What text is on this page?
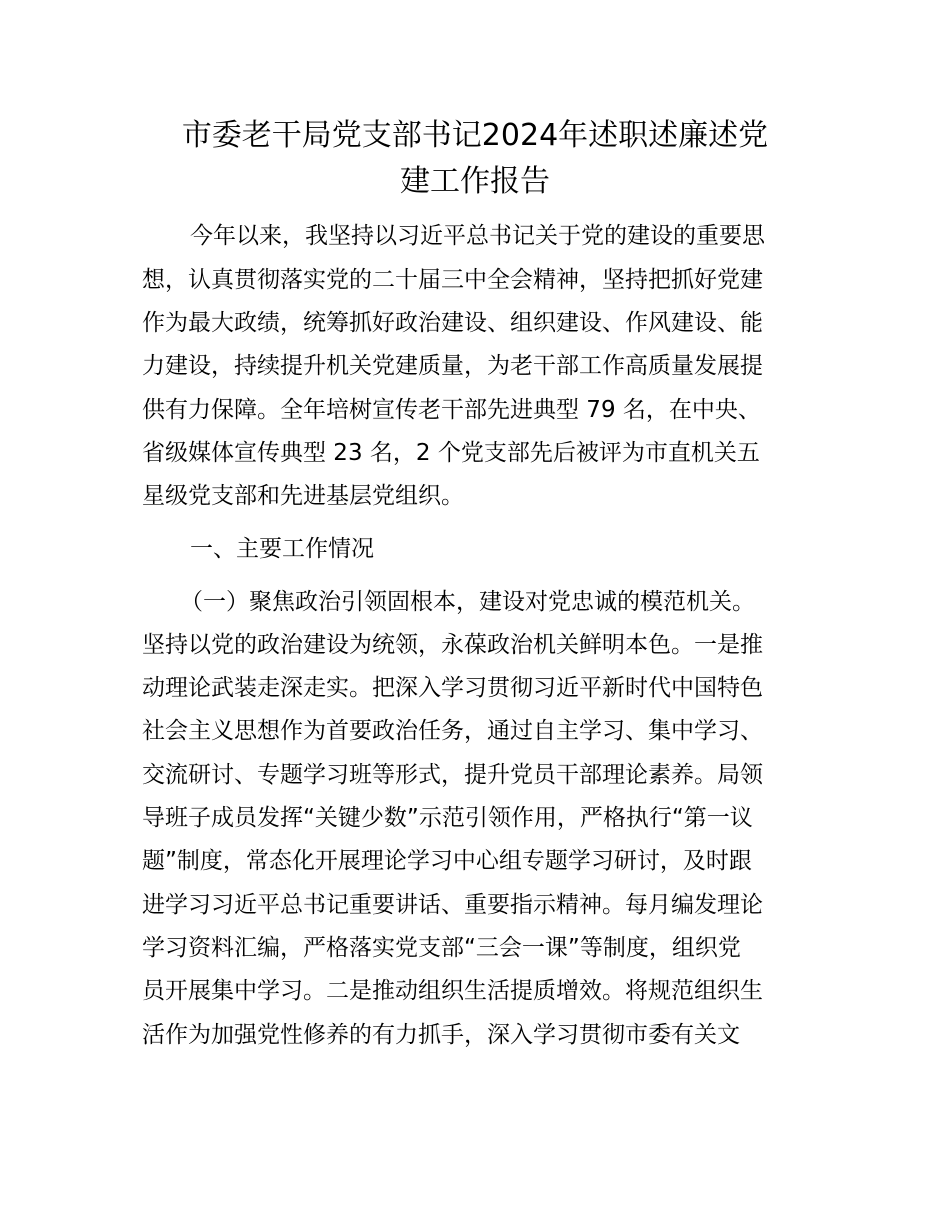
市委老干局党支部书记2024年述职述廉述党
建工作报告

今年以来，我坚持以习近平总书记关于党的建设的重要思

想，认真贯彻落实党的二十届三中全会精神，坚持把抓好党建

作为最大政绩，统筹抓好政治建设、组织建设、作风建设、能

力建设，持续提升机关党建质量，为老干部工作高质量发展提

供有力保障。全年培树宣传老干部先进典型 79 名，在中央、

省级媒体宣传典型 23 名，2 个党支部先后被评为市直机关五

星级党支部和先进基层党组织。

一、主要工作情况

（一）聚焦政治引领固根本，建设对党忠诚的模范机关。

坚持以党的政治建设为统领，永葆政治机关鲜明本色。一是推

动理论武装走深走实。把深入学习贯彻习近平新时代中国特色

社会主义思想作为首要政治任务，通过自主学习、集中学习、

交流研讨、专题学习班等形式，提升党员干部理论素养。局领

导班子成员发挥“关键少数”示范引领作用，严格执行“第一议

题”制度，常态化开展理论学习中心组专题学习研讨，及时跟

进学习习近平总书记重要讲话、重要指示精神。每月编发理论

学习资料汇编，严格落实党支部“三会一课”等制度，组织党

员开展集中学习。二是推动组织生活提质增效。将规范组织生

活作为加强党性修养的有力抓手，深入学习贯彻市委有关文
